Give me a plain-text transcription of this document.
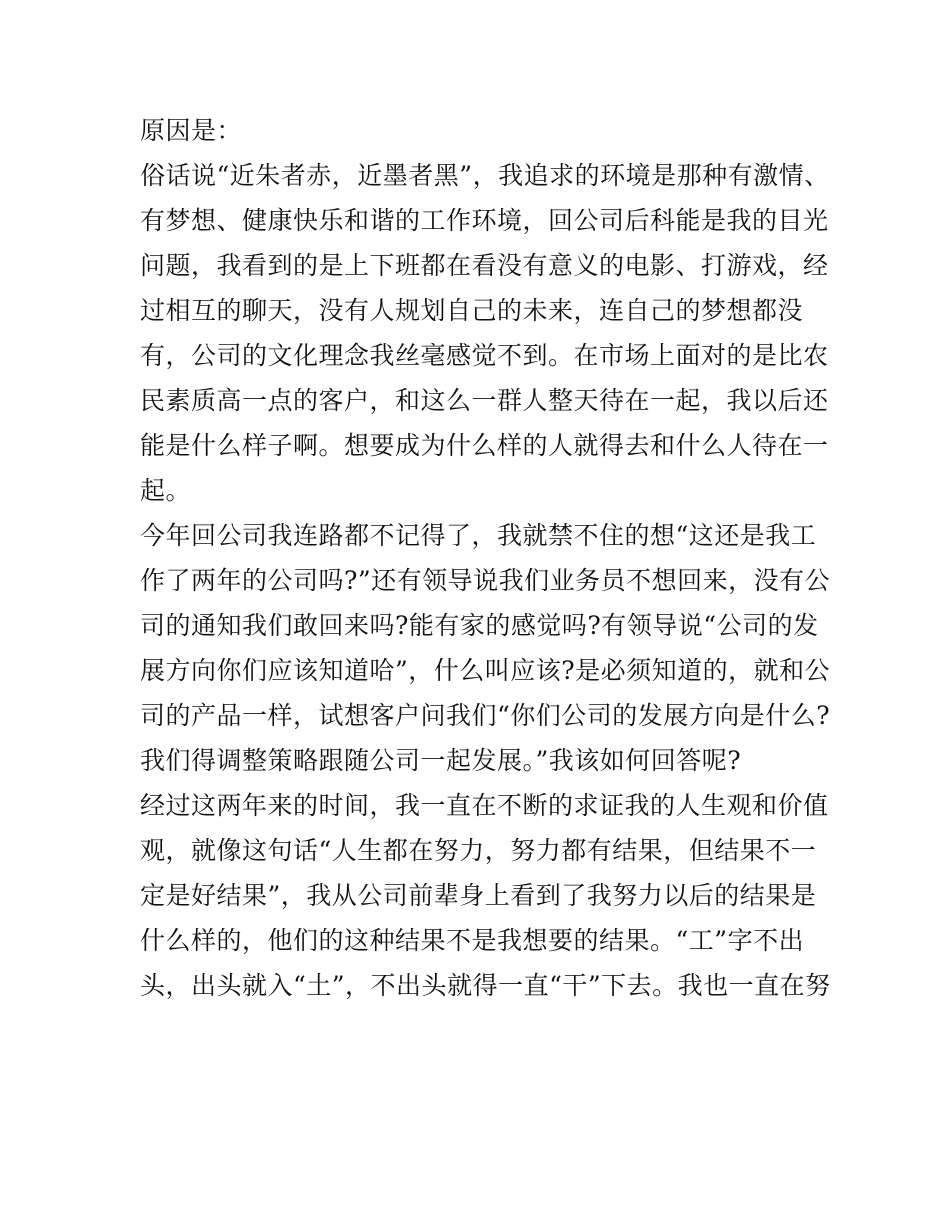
原因是：
俗话说“近朱者赤，近墨者黑”，我追求的环境是那种有激情、
有梦想、健康快乐和谐的工作环境，回公司后科能是我的目光
问题，我看到的是上下班都在看没有意义的电影、打游戏，经
过相互的聊天，没有人规划自己的未来，连自己的梦想都没
有，公司的文化理念我丝毫感觉不到。在市场上面对的是比农
民素质高一点的客户，和这么一群人整天待在一起，我以后还
能是什么样子啊。想要成为什么样的人就得去和什么人待在一
起。
今年回公司我连路都不记得了，我就禁不住的想“这还是我工
作了两年的公司吗?”还有领导说我们业务员不想回来，没有公
司的通知我们敢回来吗?能有家的感觉吗?有领导说“公司的发
展方向你们应该知道哈”，什么叫应该?是必须知道的，就和公
司的产品一样，试想客户问我们“你们公司的发展方向是什么?
我们得调整策略跟随公司一起发展。”我该如何回答呢?
经过这两年来的时间，我一直在不断的求证我的人生观和价值
观，就像这句话“人生都在努力，努力都有结果，但结果不一
定是好结果”，我从公司前辈身上看到了我努力以后的结果是
什么样的，他们的这种结果不是我想要的结果。“工”字不出
头，出头就入“土”，不出头就得一直“干”下去。我也一直在努
